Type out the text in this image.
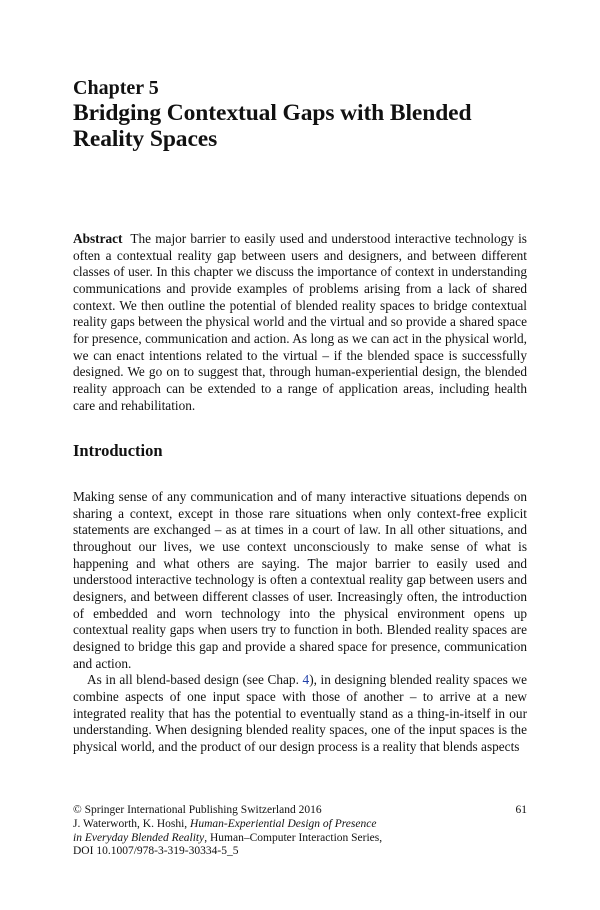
Chapter 5
Bridging Contextual Gaps with Blended Reality Spaces
Abstract The major barrier to easily used and understood interactive technology is often a contextual reality gap between users and designers, and between different classes of user. In this chapter we discuss the importance of context in understanding communications and provide examples of problems arising from a lack of shared context. We then outline the potential of blended reality spaces to bridge contextual reality gaps between the physical world and the virtual and so provide a shared space for presence, communication and action. As long as we can act in the physical world, we can enact intentions related to the virtual – if the blended space is successfully designed. We go on to suggest that, through human-experiential design, the blended reality approach can be extended to a range of application areas, including health care and rehabilitation.
Introduction

Making sense of any communication and of many interactive situations depends on sharing a context, except in those rare situations when only context-free explicit statements are exchanged – as at times in a court of law. In all other situations, and throughout our lives, we use context unconsciously to make sense of what is happening and what others are saying. The major barrier to easily used and understood interactive technology is often a contextual reality gap between users and designers, and between different classes of user. Increasingly often, the introduction of embedded and worn technology into the physical environment opens up contextual reality gaps when users try to function in both. Blended reality spaces are designed to bridge this gap and provide a shared space for presence, communication and action.

As in all blend-based design (see Chap. 4), in designing blended reality spaces we combine aspects of one input space with those of another – to arrive at a new integrated reality that has the potential to eventually stand as a thing-in-itself in our understanding. When designing blended reality spaces, one of the input spaces is the physical world, and the product of our design process is a reality that blends aspects

© Springer International Publishing Switzerland 2016
J. Waterworth, K. Hoshi, Human-Experiential Design of Presence
in Everyday Blended Reality, Human–Computer Interaction Series,
DOI 10.1007/978-3-319-30334-5_5
61
